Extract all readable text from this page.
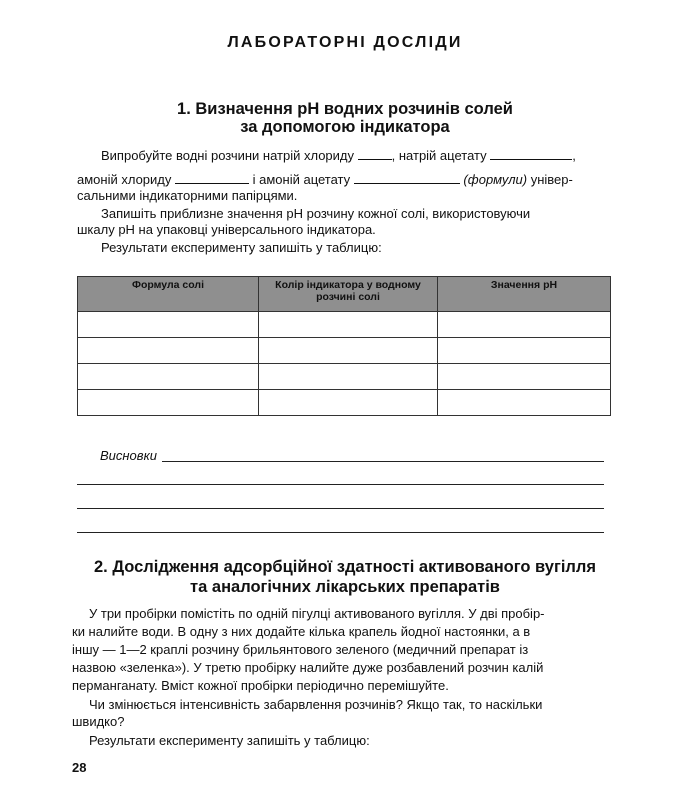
ЛАБОРАТОРНІ ДОСЛІДИ
1. Визначення рН водних розчинів солей
за допомогою індикатора
Випробуйте водні розчини натрій хлориду	, натрій ацетату	,
амоній хлориду	і амоній ацетату	(формули) універ-
сальними індикаторними папірцями.
Запишіть приблизне значення рН розчину кожної солі, використовуючи
шкалу рН на упаковці універсального індикатора.
Результати експерименту запишіть у таблицю:
Формула солі	Колір індикатора у водному розчині солі	Значення рН

Висновки
2. Дослідження адсорбційної здатності активованого вугілля
та аналогічних лікарських препаратів
У три пробірки помістіть по одній пігулці активованого вугілля. У дві пробір-
ки налийте води. В одну з них додайте кілька крапель йодної настоянки, а в
іншу — 1—2 краплі розчину брильянтового зеленого (медичний препарат із
назвою «зеленка»). У третю пробірку налийте дуже розбавлений розчин калій
перманганату. Вміст кожної пробірки періодично перемішуйте.
Чи змінюється інтенсивність забарвлення розчинів? Якщо так, то наскільки
швидко?
Результати експерименту запишіть у таблицю:
28
